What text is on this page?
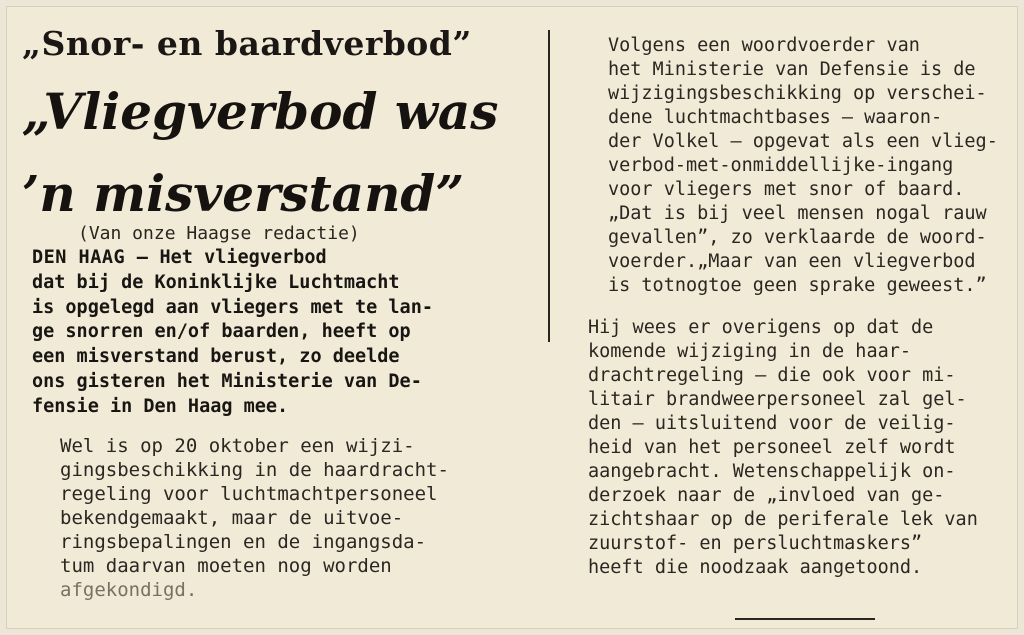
„Snor- en baardverbod”
„Vliegverbod was
’n misverstand”
(Van onze Haagse redactie)
DEN HAAG — Het vliegverbod
dat bij de Koninklijke Luchtmacht
is opgelegd aan vliegers met te lan-
ge snorren en/of baarden, heeft op
een misverstand berust, zo deelde
ons gisteren het Ministerie van De-
fensie in Den Haag mee.
Wel is op 20 oktober een wijzi-
gingsbeschikking in de haardracht-
regeling voor luchtmachtpersoneel
bekendgemaakt, maar de uitvoe-
ringsbepalingen en de ingangsda-
tum daarvan moeten nog worden
afgekondigd.
Volgens een woordvoerder van
het Ministerie van Defensie is de
wijzigingsbeschikking op verschei-
dene luchtmachtbases — waaron-
der Volkel — opgevat als een vlieg-
verbod-met-onmiddellijke-ingang
voor vliegers met snor of baard.
„Dat is bij veel mensen nogal rauw
gevallen”, zo verklaarde de woord-
voerder.„Maar van een vliegverbod
is totnogtoe geen sprake geweest.”
Hij wees er overigens op dat de
komende wijziging in de haar-
drachtregeling — die ook voor mi-
litair brandweerpersoneel zal gel-
den — uitsluitend voor de veilig-
heid van het personeel zelf wordt
aangebracht. Wetenschappelijk on-
derzoek naar de „invloed van ge-
zichtshaar op de periferale lek van
zuurstof- en persluchtmaskers”
heeft die noodzaak aangetoond.
